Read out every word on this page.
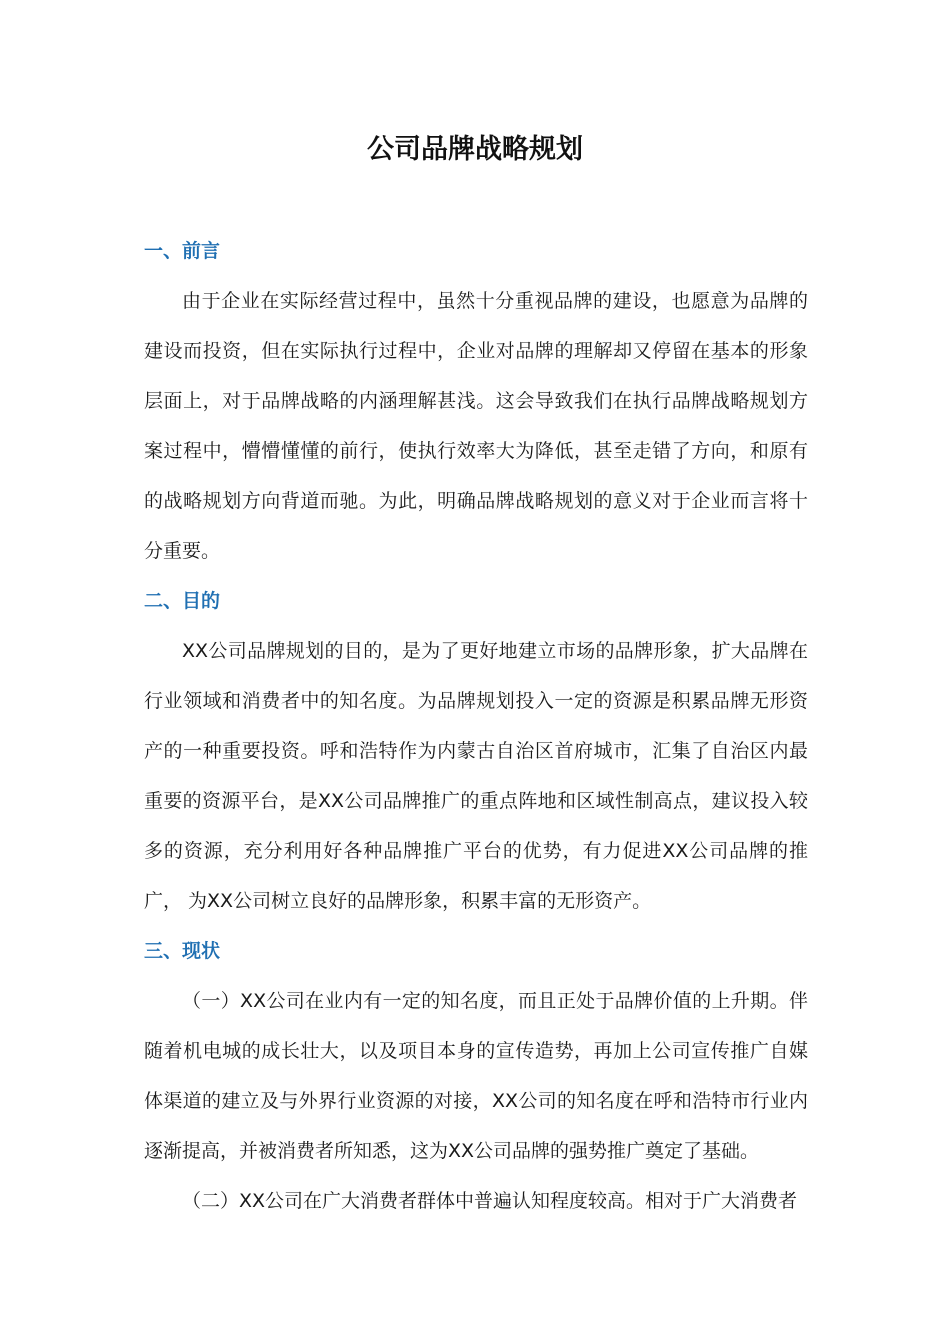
公司品牌战略规划
一、前言

由于企业在实际经营过程中，虽然十分重视品牌的建设，也愿意为品牌的建设而投资，但在实际执行过程中，企业对品牌的理解却又停留在基本的形象层面上，对于品牌战略的内涵理解甚浅。这会导致我们在执行品牌战略规划方案过程中，懵懵懂懂的前行，使执行效率大为降低，甚至走错了方向，和原有的战略规划方向背道而驰。为此，明确品牌战略规划的意义对于企业而言将十分重要。

二、目的

XX公司品牌规划的目的，是为了更好地建立市场的品牌形象，扩大品牌在行业领域和消费者中的知名度。为品牌规划投入一定的资源是积累品牌无形资产的一种重要投资。呼和浩特作为内蒙古自治区首府城市，汇集了自治区内最重要的资源平台，是XX公司品牌推广的重点阵地和区域性制高点，建议投入较多的资源，充分利用好各种品牌推广平台的优势，有力促进XX公司品牌的推广， 为XX公司树立良好的品牌形象，积累丰富的无形资产。

三、现状

（一）XX公司在业内有一定的知名度，而且正处于品牌价值的上升期。伴随着机电城的成长壮大，以及项目本身的宣传造势，再加上公司宣传推广自媒体渠道的建立及与外界行业资源的对接，XX公司的知名度在呼和浩特市行业内逐渐提高，并被消费者所知悉，这为XX公司品牌的强势推广奠定了基础。

（二）XX公司在广大消费者群体中普遍认知程度较高。相对于广大消费者
